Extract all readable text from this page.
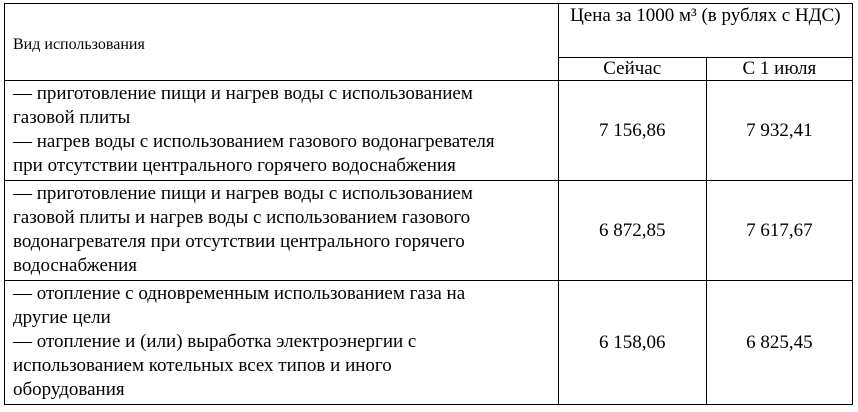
Вид использования	Цена за 1000 м³ (в рублях с НДС)	
	Сейчас	С 1 июля

— приготовление пищи и нагрев воды с использованием
газовой плиты
— нагрев воды с использованием газового водонагревателя
при отсутствии центрального горячего водоснабжения	7 156,86	7 932,41

— приготовление пищи и нагрев воды с использованием
газовой плиты и нагрев воды с использованием газового
водонагревателя при отсутствии центрального горячего
водоснабжения	6 872,85	7 617,67

— отопление с одновременным использованием газа на
другие цели
— отопление и (или) выработка электроэнергии с
использованием котельных всех типов и иного
оборудования	6 158,06	6 825,45
